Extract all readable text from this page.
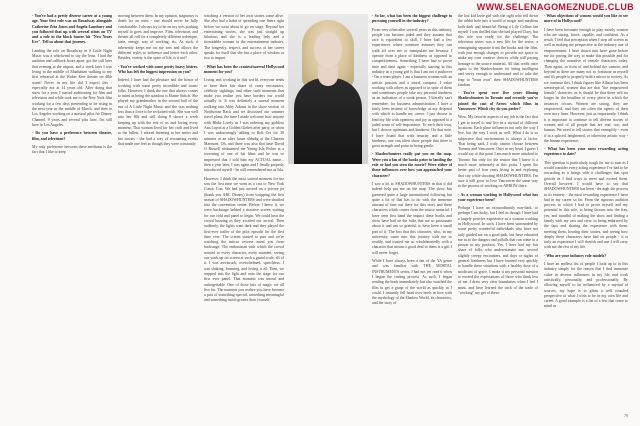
WWW.SELENAGOMEZNUDE.CLUB

- You've had a pretty diverse career at a young age. Your first role was on Broadway alongside Catherine Zeta Jones and Angela Lansbury and you followed that up with several stints on TV and a role in the block buster hit "New Years Eve". Tell us about that journey.

Landing the role on Broadway in A Little Night Music was a whirlwind to say the least. I had the audition and callback hours apart, got the call later that evening at the airport, and a week later I was living in the middle of Manhattan walking to my first rehearsal at the Walter Kerr theater on 48th street! Never in my life did I expect this - especially not at 14 years old. After doing that show for a year, I started auditioning for film and television and while took me to the New York film working for a few days pretending to be rising in the next year in the middle of March, and then to Los Angeles working on a musical pilot for Disney Channel. 9 years and several jobs later, I'm still here in Los Angeles.

- Do you have a preference between theatre, film, and television?

My only preference between these mediums is the fact that I like to keep

moving between them. In my opinion, stagnancy is death for an artist - one should never be fully comfortable. I always try to be on my toes pushing myself to grow and improve. Film, television, and theater all call for a completely different technique, taste, energy, way of working, etc. As such, it inherently keeps me on my toes and allows the different styles to influence and better each other. Besides, variety is the spice of life, is it not?

- You've worked with some pretty heavy hitters. Who has left the biggest impression on you?

Indeed, I have had the pleasure and the honor of working with some pretty incredible and iconic folks. However, I think the one that always comes to mind as being the standout is Elaine Stritch. She played my grandmother in the second half of the run of A Little Night Music and she was nothing less than a force to be reckoned with. She was well into her 80s and still doing 8 shows a week keeping up with the rest of us and loving every moment. That woman lived for her craft and lived to the fullest. I adored listening to her antics and her stories - she had a way of recounting events that made one feel as though they were constantly

watching a version of her own stories come alive. She also had a habit of spreading one liners right before we went about to go on stage. Beyond her entertaining stories, she was just straight up hilarious and she is a leading lady and a formidable woman in the entertainment industry. The longevity, respect, and success of her career speaks for itself that she has a place of wisdom or two to impart.

- What has been the craziest/surreal Hollywood moment for you?

Living and working in this world, everyone tends to have their fair share of crazy encounters, celebrity sightings, and other such moments that make you realize you have borders our world actually is. It was definitely a surreal moment walking into Abby Adams in the show section of Nordstrom Rack and we discussed our summer travel plans, the time I made welcome how anyone with Blake Lively as I was ordering my goddess Ana Layon at a Golden Globes after party, or when I was unknowingly talking to Rob Orr for 30 minutes at an after hours shindig at the Chateau Marmont. Oh, and there was also that time David O Russell nicknamed me Young Isla Fisher at a screening of one of his films and he was so impressed that I told him my ACTUAL name... then a year later, I was again and I finally properly introduced myself - he still remembered me as Isla.

However, I think the most surreal moment for me was the first time we went as a cast to New York Comic Con. We had just arrived on a private jet (thank you ABC Disney) from wrapping the first season of SHADOWHUNTERS and were shuttled into the convention center. Before I knew it, we were backstage behind a massive screen waiting for our cold and panel to begin. We could hear the crowd buzzing as they awaited our arrival. Then suddenly, the lights went dark and they played the first-ever trailer of the pilot episode for the first time ever. The screen started to part and we're watching the mirror reverse mind you from backstage. The enthusiasm with which the crowd reacted to every character, every moment, seeing our work up on screen at such a grand scale, all of it. I was awestruck, overwhelmed, speechless. I was shaking, beaming, and loving it all. Then, we stepped into the light and onto the stage for our first ever panel. That moment was unreal and unforgettable. One of those bits of magic we all live for. The moment you realize you have become a part of something special, something meaningful and something much greater than yourself.

- So far, what has been the biggest challenge to pursuing yourself in the industry?

From very often after several years in this industry, people can become jaded and they assume that race is equivalent to skill. I have had a few experiences where someone assumes they can walk all over me or manipulate me because I operate from a place of kindness as opposed to competitiveness. Something I have had to prove time and time again - especially starting in this industry as a young girl is that I am not a pushover - I'm a team player. I am a business woman with an artistic passion and a moral compass. I value working with others as opposed to in spite of them and sometimes people take my personal kindness as an indication of a weak person. I literally can't remember; for business administration, I have a fairly keen instinct of knowledge at my disposal with which to handle my career. I just choose to lead my life with openness and joy as opposed to a jaded sense of self-importance. To each their own, but I choose optimism and kindness. On that note, I have found that with tenacity and a little kindness, one can often show people that there is great strength and poise in being gentle.

- Shadowhunters really put you on the map. Were you a fan of the books prior to landing the role or had you seen the movie? Were either of those influences over how you approached your character?

I saw a lot to SHADOWHUNTERS in that it did indeed help put me on the map. The show has garnered quite a large international following but quite a lot of that has to do with the immense amount of fans out there for this story and these characters which comes from the source material. I have seen first hand the impact these books and show have had on the folks that are so passionate about it and am so grateful to have been a small part of it. The fact that this character, who, in my university, came into this journey with me so readily, and trusted me so wholeheartedly with a character that means a good deal to them is a gift I will never forget.

While I have always been a fan of the YA genre and was familiar with THE MORTAL INSTRUMENTS series, I had not yet read it when I began the casting process. As such, I began reading the book immediately but also watched the film to get a grasp of the world as quickly as I could. I instantly fell head over heels in love with the mythology of the Shadow World, its characters, and the story of

the lost kid Izzie girl with the right who fell down the rabbit hole into a world of magic and mayhem both dark and beautiful. Being a Lily Collins fan myself I was thrilled that she had played Clary, but this role was ready for the challenge. The television series was a new life for the series, a reimagining separate from the books and the film, with just enough changes to provide me space to make my own creative choices while still paying homage to the source material. All that credit once again to the Shadowhunter for being intelligent and savvy enough to understand and to take the leap to "learn own" their SHADOWHUNTERS fandom.

- You've spent over five years filming Shadowhunters in Toronto and recently you've joined the cast of Arrow which films in Vancouver. Which city do you prefer?

Wow. My favorite aspects of my job is the fact that I get to travel to and live in a myriad of different locations. Each place influences not only the way I live, but the way I work as well. What I do is so subjective that environment is always a factor. That being said, I truly cannot choose between Toronto and Vancouver. Ours in my head, I guess I would say at this point I am much more attached to Toronto but only for the reason that I knew it a much more intimately at this point. I spent the better part of four years living in and exploring that city while shooting SHADOWHUNTERS. I'm sure it will grow to love Vancouver the same way in the process of working on ARROW there.

- As a woman working in Hollywood what has your experience been?

Perhaps I have an extraordinarily non-dark, or perhaps I am lucky, but I feel as though I have had a largely positive experience as a woman working in Hollywood. In such, I have been surrounded by some pretty wonderful individuals who have not only guided me on a good path, but have educated me as to the dangers and pitfalls that can come to a person in my position. Yes, I have had my fair share of folks who underestimate me, several slightly creepy encounters, and days or nights of general frankness but I have learned very quickly to handle these situations with a healthy dose of a modicum of grace. I make it my personal mission to exceed the expectations of those who think less of me. I draw very clear boundaries when I feel I must, and have learned the trick of the trade of "working" my get of these.

- What objections of women would you like to see more of in Hollywood?

I have been fortunate enough to play mostly women who are strong, brave, capable, and confident. As a result, I feel that perception when I step off screen as well as making me perspective in the industry one of empowerment. I have drawn into have gone before me for paving the way to make this possible and for changing the narrative of female characters today. Then again, in front of and behind the camera, and beyond as there are many not so fortunate as myself and it's people to properly hold a mirror to society. As we continue this, I think figures like Allison has been stereotypical, women that are that "the empowered female" character, as is should be that there will no longer be the headline of every piece in which the instances occurs. Women are strong, they are empowered, and they are often the agents of their own story lines. However, just as importantly, I think it is important to continue to tell diverse stories of women and of all people that are real, raw, and human. We need to tell stories that exemplify - even if in a spliced, heightened, or otherwise artistic way - the human experience.

- What has been your most rewarding acting experience to date?

This question is particularly tough for me to sum as I would consider every acting experience I've had to be rewarding as it brings with it challenges that spur growth as I find ways to meet and exceed them. Overall however, I would have to say that SHADOWHUNTERS has been - through the process in its entirety - the most rewarding experience I have had in my career so far. From the rigorous audition process in which I had to prove myself and my potential in this role, to being thrown into the fray, yes, and mindful of making the show and finding a family with my cast and crew, to being embraced by the fans and sharing the experience with them, meeting them, hearing their stories, and seeing how deeply these characters have had on people - it is truly an experience I will cherish and one I will carry with me the rest of my life.

- Who are your industry role models?

I have an endless list of people I look up to in this industry simply for the reason that I find immense value in diverse influences in my life and work artistically, personally, and professionally. By allowing myself to be influenced by a myriad of sources, my hope is to glean a well rounded perspective of what I wish to be in my own life and career. A good example is a list of a few that come to mind as

79
